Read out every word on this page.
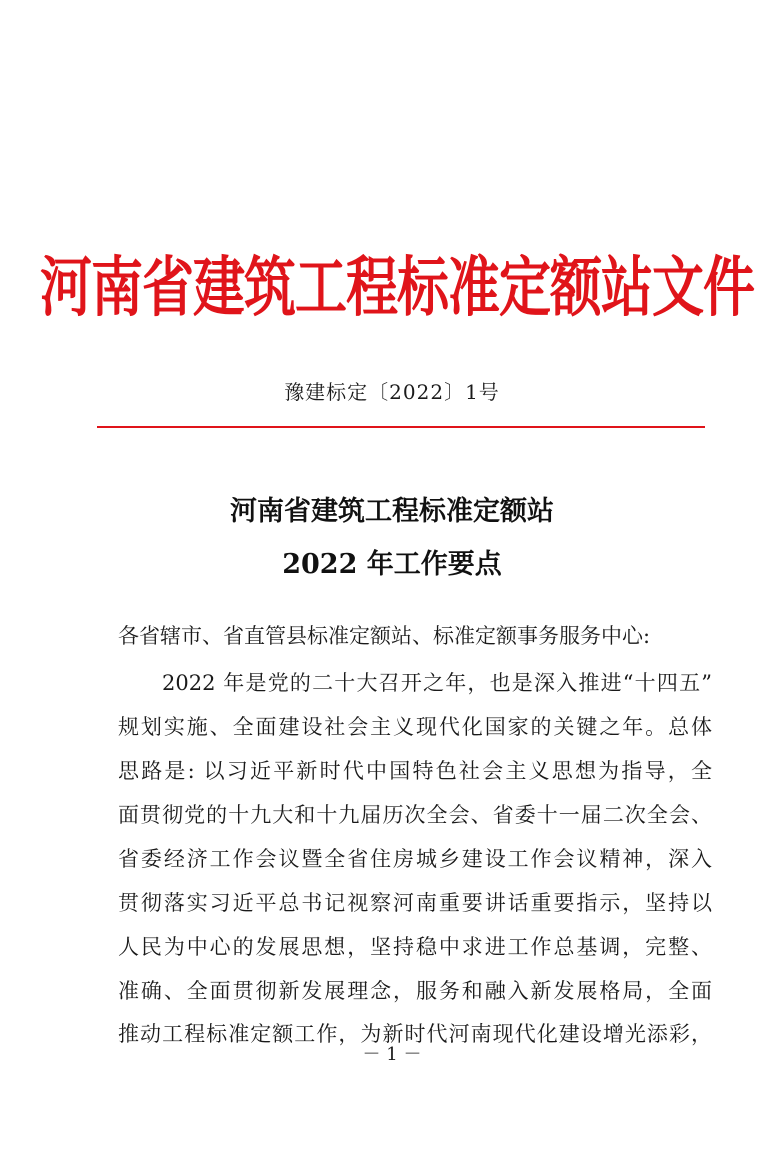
河南省建筑工程标准定额站文件
豫建标定〔2022〕1号
河南省建筑工程标准定额站
2022 年工作要点
各省辖市、省直管县标准定额站、标准定额事务服务中心:
2022 年是党的二十大召开之年，也是深入推进“十四五”
规划实施、全面建设社会主义现代化国家的关键之年。总体
思路是: 以习近平新时代中国特色社会主义思想为指导，全
面贯彻党的十九大和十九届历次全会、省委十一届二次全会、
省委经济工作会议暨全省住房城乡建设工作会议精神，深入
贯彻落实习近平总书记视察河南重要讲话重要指示，坚持以
人民为中心的发展思想，坚持稳中求进工作总基调，完整、
准确、全面贯彻新发展理念，服务和融入新发展格局，全面
推动工程标准定额工作，为新时代河南现代化建设增光添彩，
－ 1 －
